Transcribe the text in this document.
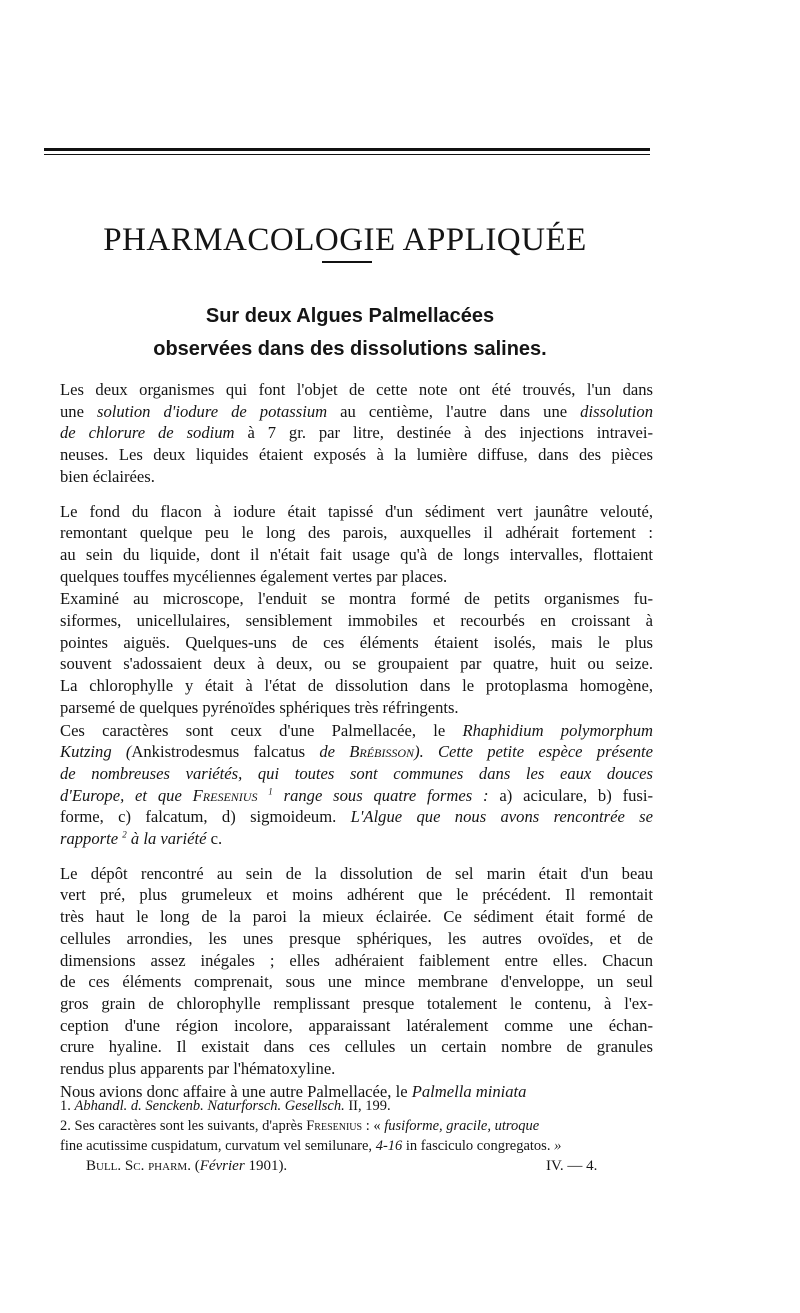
PHARMACOLOGIE APPLIQUÉE
Sur deux Algues Palmellacées
observées dans des dissolutions salines.
Les deux organismes qui font l'objet de cette note ont été trouvés, l'un dans
une solution d'iodure de potassium au centième, l'autre dans une dissolution
de chlorure de sodium à 7 gr. par litre, destinée à des injections intravei-
neuses. Les deux liquides étaient exposés à la lumière diffuse, dans des pièces
bien éclairées.
Le fond du flacon à iodure était tapissé d'un sédiment vert jaunâtre velouté,
remontant quelque peu le long des parois, auxquelles il adhérait fortement :
au sein du liquide, dont il n'était fait usage qu'à de longs intervalles, flottaient
quelques touffes mycéliennes également vertes par places.
Examiné au microscope, l'enduit se montra formé de petits organismes fu-
siformes, unicellulaires, sensiblement immobiles et recourbés en croissant à
pointes aiguës. Quelques-uns de ces éléments étaient isolés, mais le plus
souvent s'adossaient deux à deux, ou se groupaient par quatre, huit ou seize.
La chlorophylle y était à l'état de dissolution dans le protoplasma homogène,
parsemé de quelques pyrénoïdes sphériques très réfringents.
Ces caractères sont ceux d'une Palmellacée, le Rhaphidium polymorphum
Kutzing (Ankistrodesmus falcatus de Brébisson). Cette petite espèce présente
de nombreuses variétés, qui toutes sont communes dans les eaux douces
d'Europe, et que Fresenius $^1$ range sous quatre formes : a) aciculare, b) fusi-
forme, c) falcatum, d) sigmoideum. L'Algue que nous avons rencontrée se
rapporte $^2$ à la variété c.
Le dépôt rencontré au sein de la dissolution de sel marin était d'un beau
vert pré, plus grumeleux et moins adhérent que le précédent. Il remontait
très haut le long de la paroi la mieux éclairée. Ce sédiment était formé de
cellules arrondies, les unes presque sphériques, les autres ovoïdes, et de
dimensions assez inégales ; elles adhéraient faiblement entre elles. Chacun
de ces éléments comprenait, sous une mince membrane d'enveloppe, un seul
gros grain de chlorophylle remplissant presque totalement le contenu, à l'ex-
ception d'une région incolore, apparaissant latéralement comme une échan-
crure hyaline. Il existait dans ces cellules un certain nombre de granules
rendus plus apparents par l'hématoxyline.
Nous avions donc affaire à une autre Palmellacée, le Palmella miniata
1. Abhandl. d. Senckenb. Naturforsch. Gesellsch. II, 199.
2. Ses caractères sont les suivants, d'après Fresenius : « fusiforme, gracile, utroque
fine acutissime cuspidatum, curvatum vel semilunare, 4-16 in fasciculo congregatos. »
Bull. Sc. pharm. (Février 1901).	IV. — 4.
